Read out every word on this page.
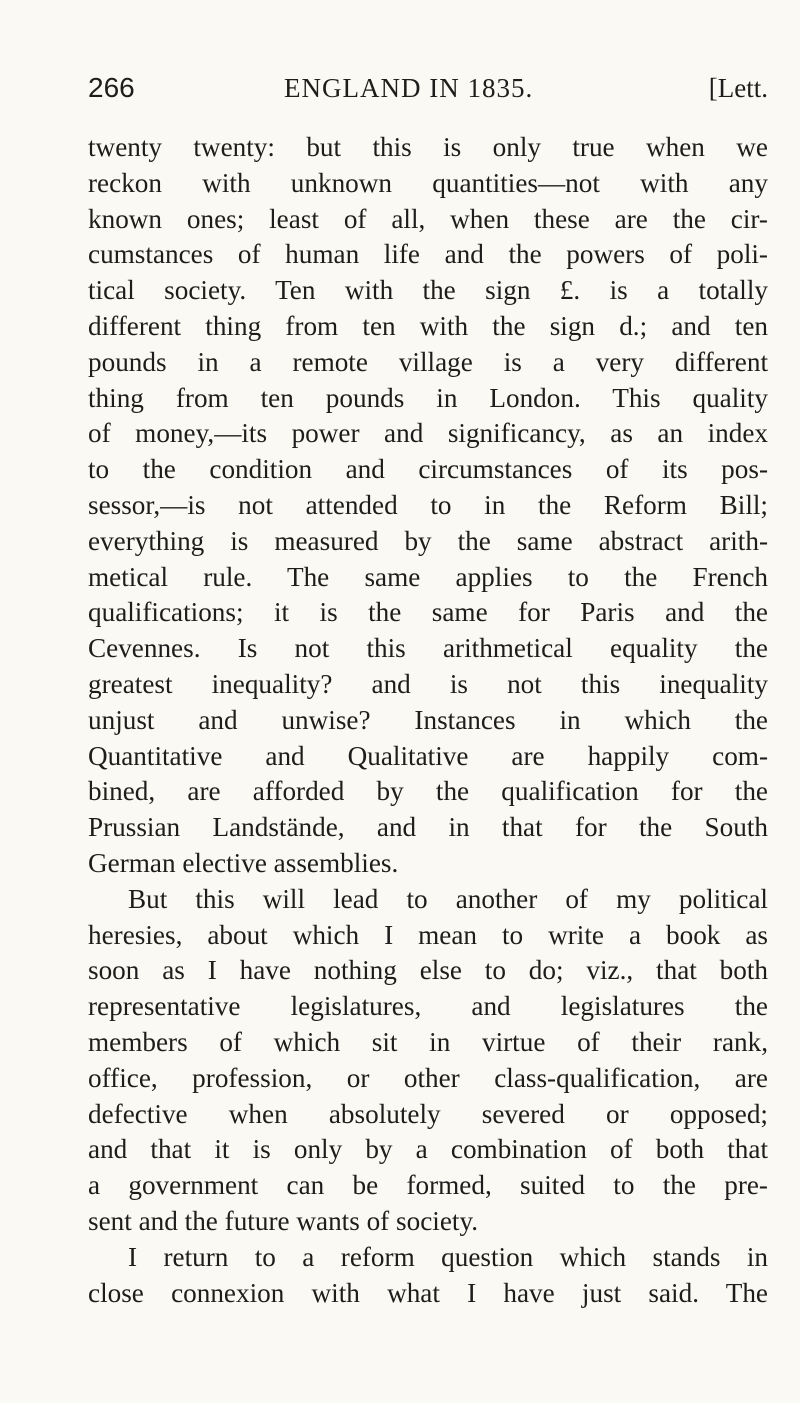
266	ENGLAND IN 1835.	[Lett.
twenty twenty: but this is only true when we
reckon with unknown quantities—not with any
known ones; least of all, when these are the cir-
cumstances of human life and the powers of poli-
tical society. Ten with the sign £. is a totally
different thing from ten with the sign d.; and ten
pounds in a remote village is a very different
thing from ten pounds in London. This quality
of money,—its power and significancy, as an index
to the condition and circumstances of its pos-
sessor,—is not attended to in the Reform Bill;
everything is measured by the same abstract arith-
metical rule. The same applies to the French
qualifications; it is the same for Paris and the
Cevennes. Is not this arithmetical equality the
greatest inequality? and is not this inequality
unjust and unwise? Instances in which the
Quantitative and Qualitative are happily com-
bined, are afforded by the qualification for the
Prussian Landstände, and in that for the South
German elective assemblies.
But this will lead to another of my political
heresies, about which I mean to write a book as
soon as I have nothing else to do; viz., that both
representative legislatures, and legislatures the
members of which sit in virtue of their rank,
office, profession, or other class-qualification, are
defective when absolutely severed or opposed;
and that it is only by a combination of both that
a government can be formed, suited to the pre-
sent and the future wants of society.
I return to a reform question which stands in
close connexion with what I have just said. The
